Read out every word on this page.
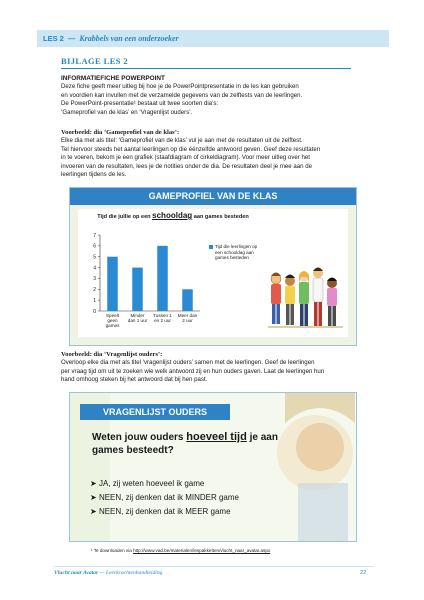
LES 2 — Krabbels van een onderzoeker
BIJLAGE LES 2
INFORMATIEFICHE POWERPOINT
Deze fiche geeft meer uitleg bij hoe je de PowerPointpresentatie in de les kan gebruiken
en voordien kan invullen met de verzamelde gegevens van de zelftests van de leerlingen.
De PowerPoint-presentatie¹ bestaat uit twee soorten dia’s:
‘Gameprofiel van de klas’ en ‘Vragenlijst ouders’.
Voorbeeld: dia ‘Gameprofiel van de klas’:
Elke dia met als titel: ‘Gameprofiel van de klas’ vul je aan met de resultaten uit de zelftest.
Tel hiervoor steeds het aantal leerlingen op die éénzelfde antwoord geven. Geef deze resultaten
in te voeren, bekom je een grafiek (staafdiagram of cirkeldiagram). Voor meer uitleg over het
invoeren van de resultaten, lees je de notities onder de dia. De resultaten deel je mee aan de
leerlingen tijdens de les.
GAMEPROFIEL VAN DE KLAS
Tijd die jullie op een schooldag aan games besteden
0
1
2
3
4
5
6
7
Speelt geen games
Minder dan 1 uur
Tussen 1 en 2 uur
Meer dan 2 uur
Tijd die leerlingen op een schooldag aan games besteden
Voorbeeld: dia ‘Vragenlijst ouders’:
Overloop elke dia met als titel ‘vragenlijst ouders’ samen met de leerlingen. Geef de leerlingen
per vraag tijd om uit te zoeken wie welk antwoord zij en hun ouders gaven. Laat de leerlingen hun
hand omhoog steken bij het antwoord dat bij hen past.
VRAGENLIJST OUDERS
Weten jouw ouders hoeveel tijd je aan games besteedt?
➤ JA, zij weten hoeveel ik game
➤ NEEN, zij denken dat ik MINDER game
➤ NEEN, zij denken dat ik MEER game
¹ Te downloaden via http://www.vad.be/materialen/lespakketten/vlucht_naar_avatar.aspx
Vlucht naar Avatar — Leerkrachtenhandleiding	22
